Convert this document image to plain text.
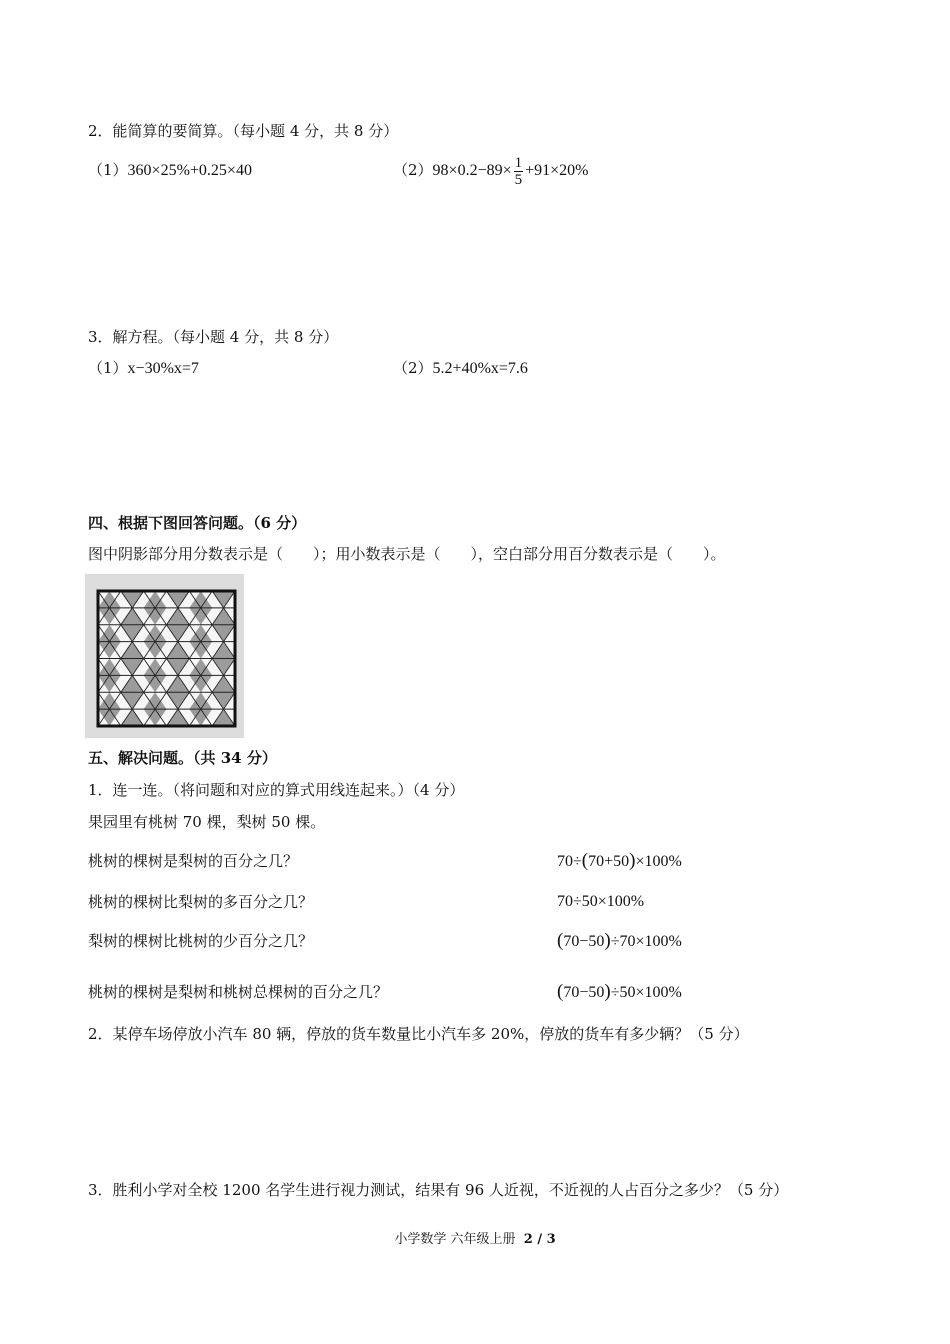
2．能简算的要简算。（每小题 4 分，共 8 分）
（1）360×25%+0.25×40	$(2)98\times 0.2-89\times \frac{1}{5} +91\times 20\%$
3．解方程。（每小题 4 分，共 8 分）
（1）x−30%x=7	（2）5.2+40%x=7.6
四、根据下图回答问题。（6 分）
图中阴影部分用分数表示是（　　）；用小数表示是（　　），空白部分用百分数表示是（　　）。
五、解决问题。（共 34 分）
1．连一连。（将问题和对应的算式用线连起来。）（4 分）
果园里有桃树 70 棵，梨树 50 棵。
桃树的棵树是梨树的百分之几？
桃树的棵树比梨树的多百分之几？
梨树的棵树比桃树的少百分之几？
桃树的棵树是梨树和桃树总棵树的百分之几？
70÷(70+50)×100%
70÷50×100%
(70−50)÷70×100%
(70−50)÷50×100%
2．某停车场停放小汽车 80 辆，停放的货车数量比小汽车多 20%，停放的货车有多少辆？（5 分）
3．胜利小学对全校 1200 名学生进行视力测试，结果有 96 人近视，不近视的人占百分之多少？（5 分）
小学数学 六年级上册 2 / 3
